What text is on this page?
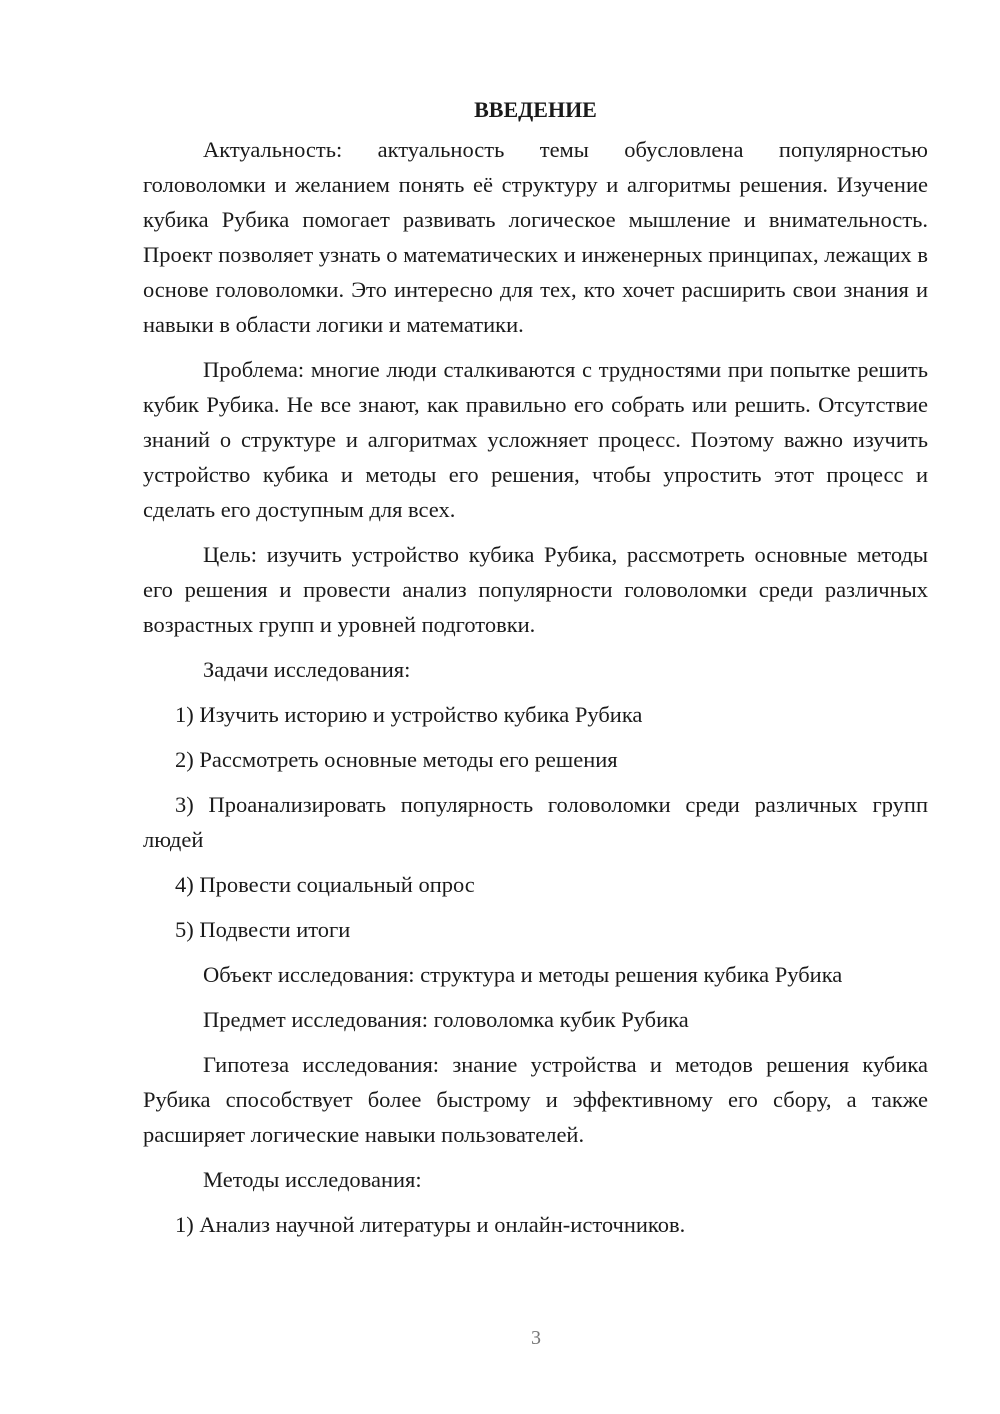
ВВЕДЕНИЕ

Актуальность: актуальность темы обусловлена популярностью головоломки и желанием понять её структуру и алгоритмы решения. Изучение кубика Рубика помогает развивать логическое мышление и внимательность. Проект позволяет узнать о математических и инженерных принципах, лежащих в основе головоломки. Это интересно для тех, кто хочет расширить свои знания и навыки в области логики и математики.

Проблема: многие люди сталкиваются с трудностями при попытке решить кубик Рубика. Не все знают, как правильно его собрать или решить. Отсутствие знаний о структуре и алгоритмах усложняет процесс. Поэтому важно изучить устройство кубика и методы его решения, чтобы упростить этот процесс и сделать его доступным для всех.

Цель: изучить устройство кубика Рубика, рассмотреть основные методы его решения и провести анализ популярности головоломки среди различных возрастных групп и уровней подготовки.

Задачи исследования:

1) Изучить историю и устройство кубика Рубика

2) Рассмотреть основные методы его решения

3) Проанализировать популярность головоломки среди различных групп людей

4) Провести социальный опрос

5) Подвести итоги

Объект исследования: структура и методы решения кубика Рубика

Предмет исследования: головоломка кубик Рубика

Гипотеза исследования: знание устройства и методов решения кубика Рубика способствует более быстрому и эффективному его сбору, а также расширяет логические навыки пользователей.

Методы исследования:

1) Анализ научной литературы и онлайн-источников.

3
